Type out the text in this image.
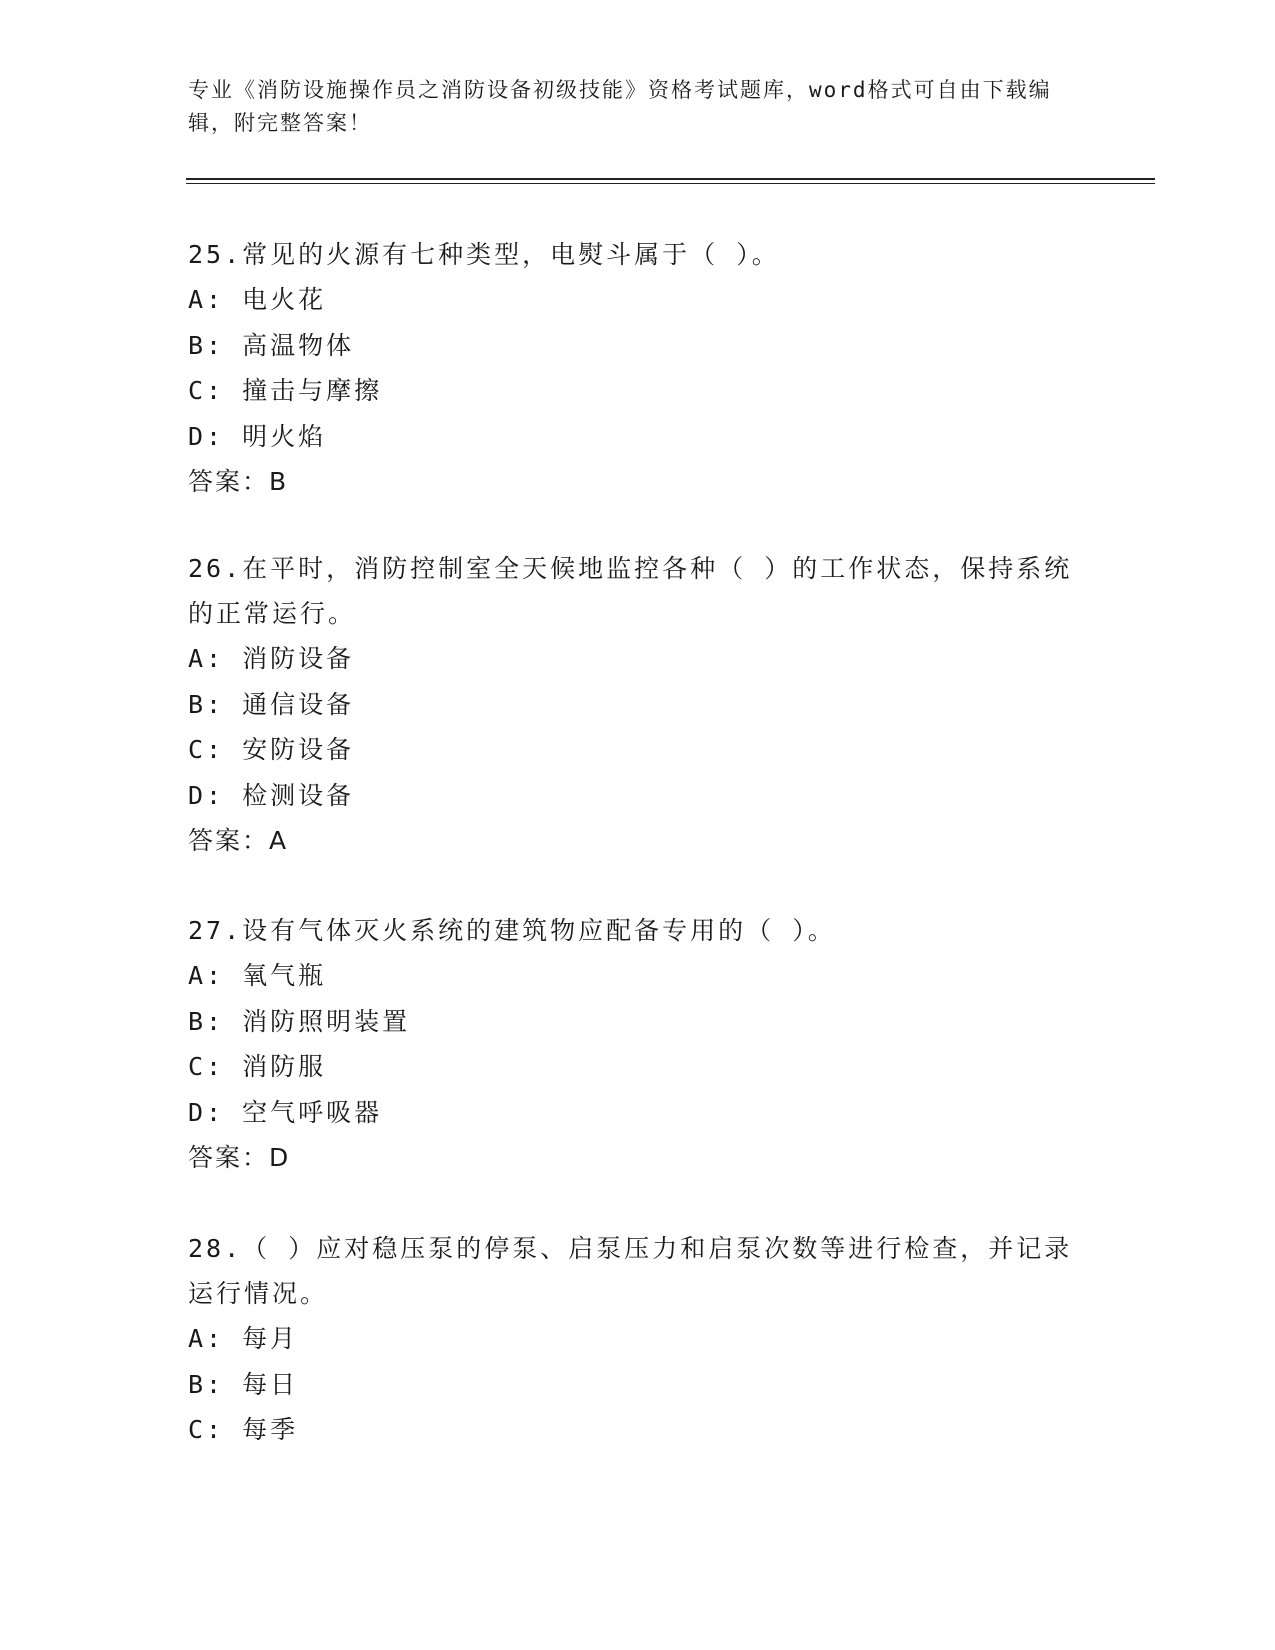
专业《消防设施操作员之消防设备初级技能》资格考试题库，word格式可自由下载编辑，附完整答案！
25.常见的火源有七种类型，电熨斗属于（ ）。
A: 电火花
B: 高温物体
C: 撞击与摩擦
D: 明火焰
答案：B
26.在平时，消防控制室全天候地监控各种（ ）的工作状态，保持系统的正常运行。
A: 消防设备
B: 通信设备
C: 安防设备
D: 检测设备
答案：A
27.设有气体灭火系统的建筑物应配备专用的（ ）。
A: 氧气瓶
B: 消防照明装置
C: 消防服
D: 空气呼吸器
答案：D
28.（ ）应对稳压泵的停泵、启泵压力和启泵次数等进行检查，并记录运行情况。
A: 每月
B: 每日
C: 每季
